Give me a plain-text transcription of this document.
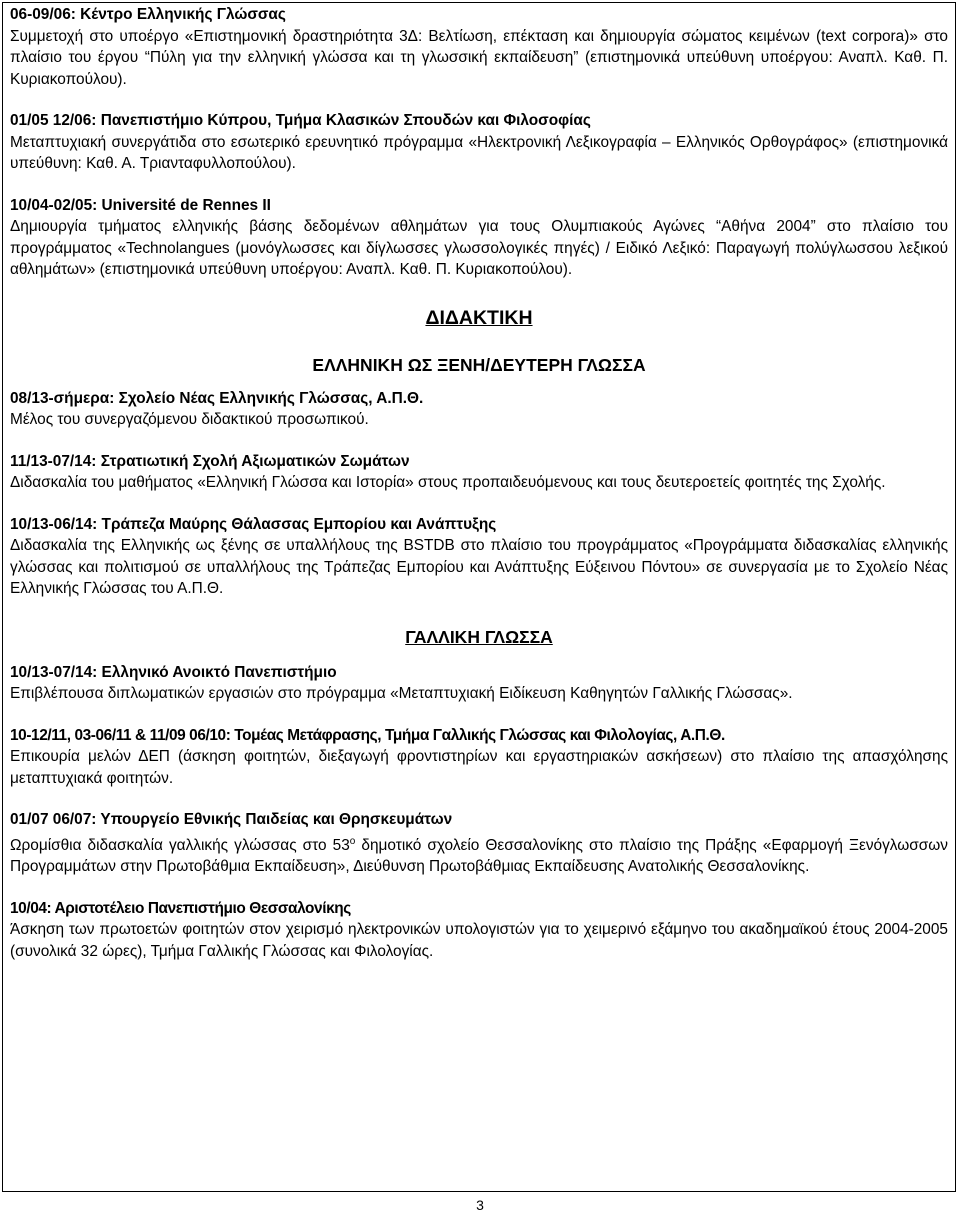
06-09/06: Κέντρο Ελληνικής Γλώσσας

Συμμετοχή στο υποέργο «Επιστημονική δραστηριότητα 3Δ: Βελτίωση, επέκταση και δημιουργία σώματος κειμένων (text corpora)» στο πλαίσιο του έργου “Πύλη για την ελληνική γλώσσα και τη γλωσσική εκπαίδευση” (επιστημονικά υπεύθυνη υποέργου: Αναπλ. Καθ. Π. Κυριακοπούλου).

01/05 12/06: Πανεπιστήμιο Κύπρου, Τμήμα Κλασικών Σπουδών και Φιλοσοφίας

Μεταπτυχιακή συνεργάτιδα στο εσωτερικό ερευνητικό πρόγραμμα «Ηλεκτρονική Λεξικογραφία – Ελληνικός Ορθογράφος» (επιστημονικά υπεύθυνη: Καθ. Α. Τριανταφυλλοπούλου).

10/04-02/05: Université de Rennes II

Δημιουργία τμήματος ελληνικής βάσης δεδομένων αθλημάτων για τους Ολυμπιακούς Αγώνες “Αθήνα 2004” στο πλαίσιο του προγράμματος «Technolangues (μονόγλωσσες και δίγλωσσες γλωσσολογικές πηγές) / Ειδικό Λεξικό: Παραγωγή πολύγλωσσου λεξικού αθλημάτων» (επιστημονικά υπεύθυνη υποέργου: Αναπλ. Καθ. Π. Κυριακοπούλου).

ΔΙΔΑΚΤΙΚΗ
ΕΛΛΗΝΙΚΗ ΩΣ ΞΕΝΗ/ΔΕΥΤΕΡΗ ΓΛΩΣΣΑ

08/13-σήμερα: Σχολείο Νέας Ελληνικής Γλώσσας, Α.Π.Θ.

Μέλος του συνεργαζόμενου διδακτικού προσωπικού.

11/13-07/14: Στρατιωτική Σχολή Αξιωματικών Σωμάτων

Διδασκαλία του μαθήματος «Ελληνική Γλώσσα και Ιστορία» στους προπαιδευόμενους και τους δευτεροετείς φοιτητές της Σχολής.

10/13-06/14: Τράπεζα Μαύρης Θάλασσας Εμπορίου και Ανάπτυξης

Διδασκαλία της Ελληνικής ως ξένης σε υπαλλήλους της BSTDB στο πλαίσιο του προγράμματος «Προγράμματα διδασκαλίας ελληνικής γλώσσας και πολιτισμού σε υπαλλήλους της Τράπεζας Εμπορίου και Ανάπτυξης Εύξεινου Πόντου» σε συνεργασία με το Σχολείο Νέας Ελληνικής Γλώσσας του Α.Π.Θ.

ΓΑΛΛΙΚΗ ΓΛΩΣΣΑ

10/13-07/14: Ελληνικό Ανοικτό Πανεπιστήμιο

Επιβλέπουσα διπλωματικών εργασιών στο πρόγραμμα «Μεταπτυχιακή Ειδίκευση Καθηγητών Γαλλικής Γλώσσας».

10-12/11, 03-06/11 & 11/09 06/10: Τομέας Μετάφρασης, Τμήμα Γαλλικής Γλώσσας και Φιλολογίας, Α.Π.Θ.

Επικουρία μελών ΔΕΠ (άσκηση φοιτητών, διεξαγωγή φροντιστηρίων και εργαστηριακών ασκήσεων) στο πλαίσιο της απασχόλησης μεταπτυχιακά φοιτητών.

01/07 06/07: Υπουργείο Εθνικής Παιδείας και Θρησκευμάτων

Ωρομίσθια διδασκαλία γαλλικής γλώσσας στο $53^o$ δημοτικό σχολείο Θεσσαλονίκης στο πλαίσιο της Πράξης «Εφαρμογή Ξενόγλωσσων Προγραμμάτων στην Πρωτοβάθμια Εκπαίδευση», Διεύθυνση Πρωτοβάθμιας Εκπαίδευσης Ανατολικής Θεσσαλονίκης.

10/04: Αριστοτέλειο Πανεπιστήμιο Θεσσαλονίκης

Άσκηση των πρωτοετών φοιτητών στον χειρισμό ηλεκτρονικών υπολογιστών για το χειμερινό εξάμηνο του ακαδημαϊκού έτους 2004-2005 (συνολικά 32 ώρες), Τμήμα Γαλλικής Γλώσσας και Φιλολογίας.

3
